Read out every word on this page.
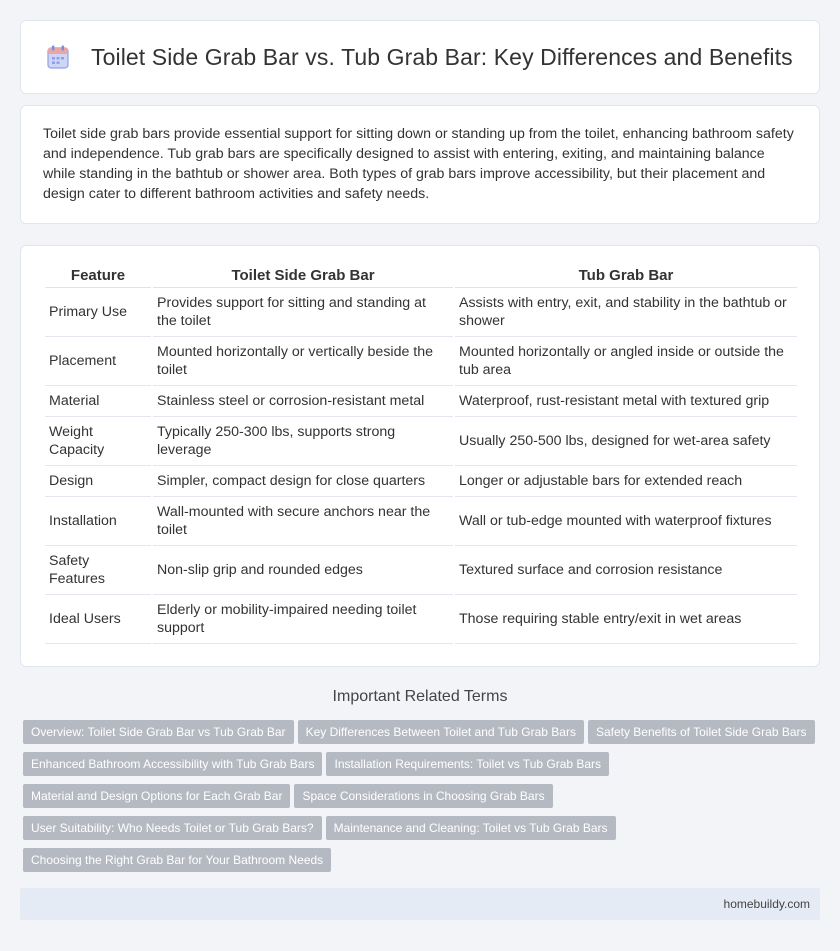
Toilet Side Grab Bar vs. Tub Grab Bar: Key Differences and Benefits

Toilet side grab bars provide essential support for sitting down or standing up from the toilet, enhancing bathroom safety and independence. Tub grab bars are specifically designed to assist with entering, exiting, and maintaining balance while standing in the bathtub or shower area. Both types of grab bars improve accessibility, but their placement and design cater to different bathroom activities and safety needs.

Feature	Toilet Side Grab Bar	Tub Grab Bar
Primary Use	Provides support for sitting and standing at the toilet	Assists with entry, exit, and stability in the bathtub or shower
Placement	Mounted horizontally or vertically beside the toilet	Mounted horizontally or angled inside or outside the tub area
Material	Stainless steel or corrosion-resistant metal	Waterproof, rust-resistant metal with textured grip
Weight Capacity	Typically 250-300 lbs, supports strong leverage	Usually 250-500 lbs, designed for wet-area safety
Design	Simpler, compact design for close quarters	Longer or adjustable bars for extended reach
Installation	Wall-mounted with secure anchors near the toilet	Wall or tub-edge mounted with waterproof fixtures
Safety Features	Non-slip grip and rounded edges	Textured surface and corrosion resistance
Ideal Users	Elderly or mobility-impaired needing toilet support	Those requiring stable entry/exit in wet areas
Important Related Terms
Overview: Toilet Side Grab Bar vs Tub Grab Bar Key Differences Between Toilet and Tub Grab Bars Safety Benefits of Toilet Side Grab Bars
Enhanced Bathroom Accessibility with Tub Grab Bars Installation Requirements: Toilet vs Tub Grab Bars
Material and Design Options for Each Grab Bar Space Considerations in Choosing Grab Bars
User Suitability: Who Needs Toilet or Tub Grab Bars? Maintenance and Cleaning: Toilet vs Tub Grab Bars
Choosing the Right Grab Bar for Your Bathroom Needs
homebuildy.com
